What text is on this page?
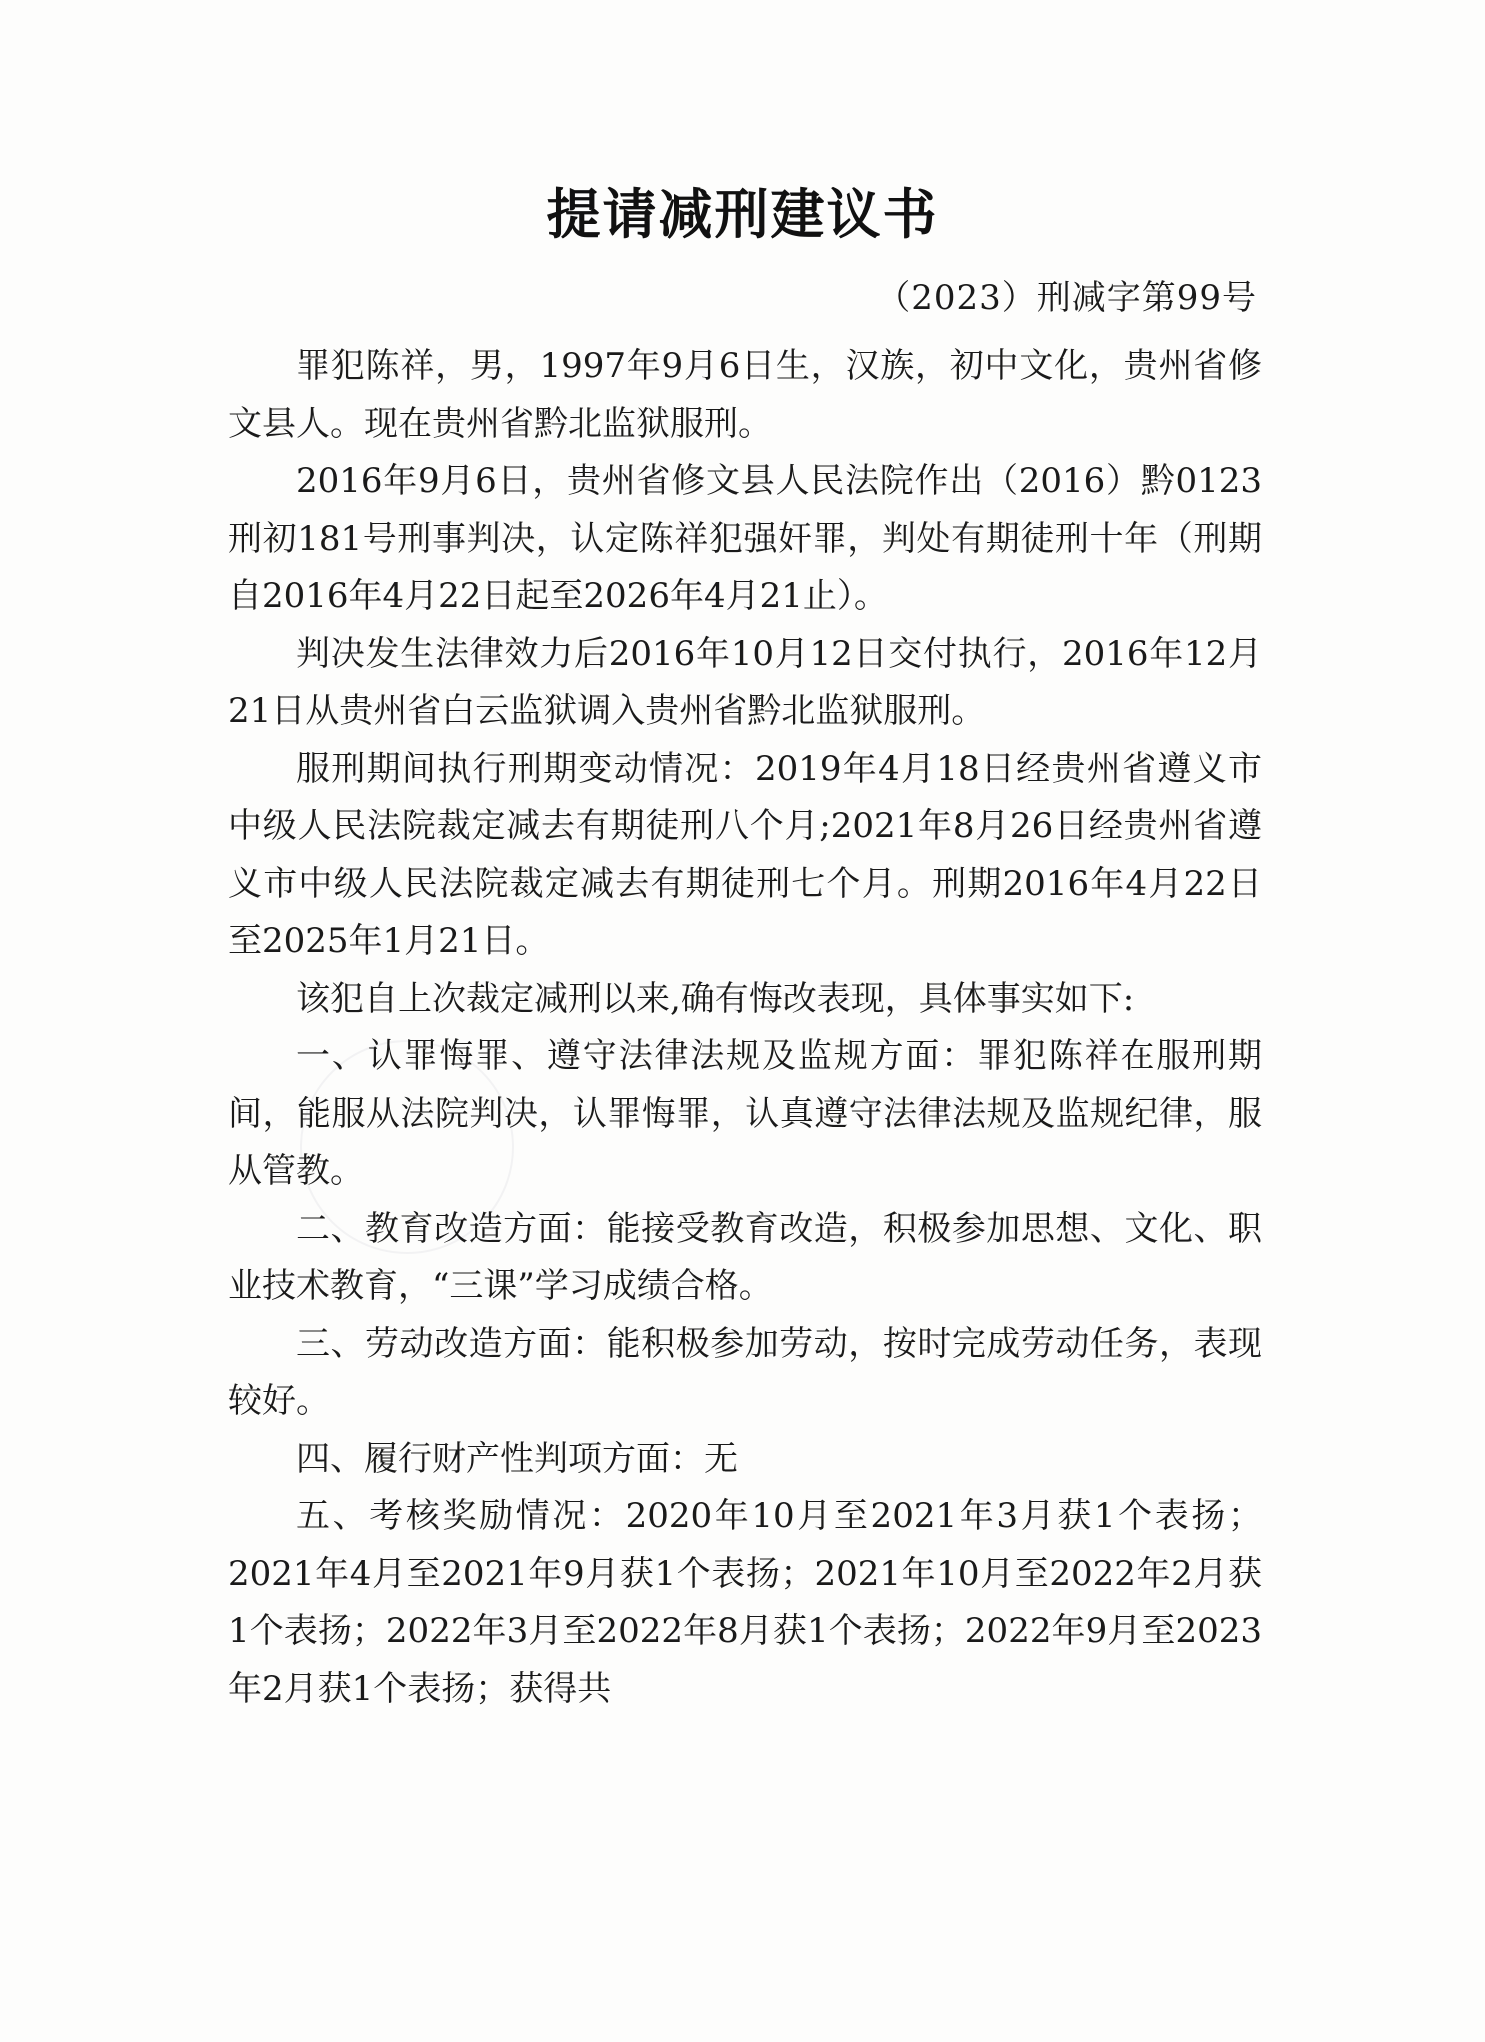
提请减刑建议书
（2023）刑减字第99号

罪犯陈祥，男，1997年9月6日生，汉族，初中文化，贵州省修文县人。现在贵州省黔北监狱服刑。

2016年9月6日，贵州省修文县人民法院作出（2016）黔0123刑初181号刑事判决，认定陈祥犯强奸罪，判处有期徒刑十年（刑期自2016年4月22日起至2026年4月21止）。

判决发生法律效力后2016年10月12日交付执行，2016年12月21日从贵州省白云监狱调入贵州省黔北监狱服刑。

服刑期间执行刑期变动情况：2019年4月18日经贵州省遵义市中级人民法院裁定减去有期徒刑八个月;2021年8月26日经贵州省遵义市中级人民法院裁定减去有期徒刑七个月。刑期2016年4月22日至2025年1月21日。

该犯自上次裁定减刑以来,确有悔改表现，具体事实如下:

一、认罪悔罪、遵守法律法规及监规方面：罪犯陈祥在服刑期间，能服从法院判决，认罪悔罪，认真遵守法律法规及监规纪律，服从管教。

二、教育改造方面：能接受教育改造，积极参加思想、文化、职业技术教育，“三课”学习成绩合格。

三、劳动改造方面：能积极参加劳动，按时完成劳动任务，表现较好。

四、履行财产性判项方面：无

五、考核奖励情况：2020年10月至2021年3月获1个表扬；2021年4月至2021年9月获1个表扬；2021年10月至2022年2月获1个表扬；2022年3月至2022年8月获1个表扬；2022年9月至2023年2月获1个表扬；获得共
